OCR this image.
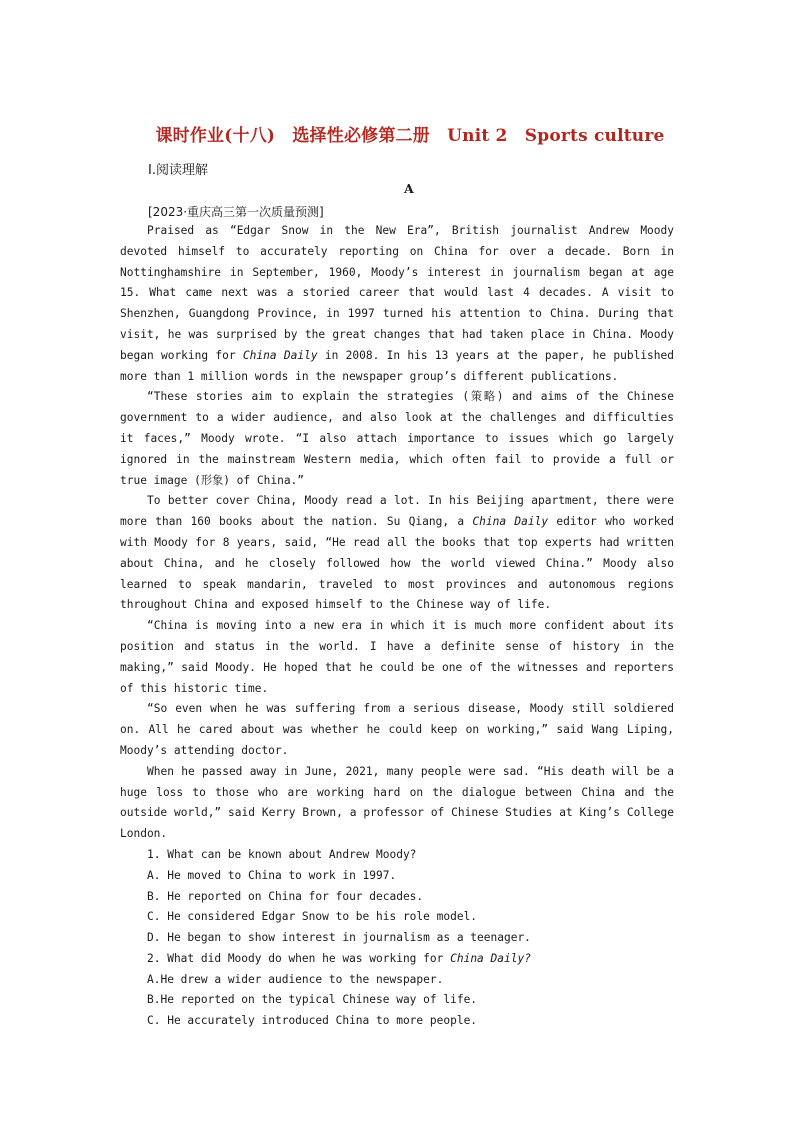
课时作业(十八)　选择性必修第二册　Unit 2　Sports culture
Ⅰ.阅读理解
A
[2023·重庆高三第一次质量预测]

Praised as “Edgar Snow in the New Era”, British journalist Andrew Moody devoted himself to accurately reporting on China for over a decade. Born in Nottinghamshire in September, 1960, Moody’s interest in journalism began at age 15. What came next was a storied career that would last 4 decades. A visit to Shenzhen, Guangdong Province, in 1997 turned his attention to China. During that visit, he was surprised by the great changes that had taken place in China. Moody began working for China Daily in 2008. In his 13 years at the paper, he published more than 1 million words in the newspaper group’s different publications.

“These stories aim to explain the strategies (策略) and aims of the Chinese government to a wider audience, and also look at the challenges and difficulties it faces,” Moody wrote. “I also attach importance to issues which go largely ignored in the mainstream Western media, which often fail to provide a full or true image (形象) of China.”

To better cover China, Moody read a lot. In his Beijing apartment, there were more than 160 books about the nation. Su Qiang, a China Daily editor who worked with Moody for 8 years, said, “He read all the books that top experts had written about China, and he closely followed how the world viewed China.” Moody also learned to speak mandarin, traveled to most provinces and autonomous regions throughout China and exposed himself to the Chinese way of life.

“China is moving into a new era in which it is much more confident about its position and status in the world. I have a definite sense of history in the making,” said Moody. He hoped that he could be one of the witnesses and reporters of this historic time.

“So even when he was suffering from a serious disease, Moody still soldiered on. All he cared about was whether he could keep on working,” said Wang Liping, Moody’s attending doctor.

When he passed away in June, 2021, many people were sad. “His death will be a huge loss to those who are working hard on the dialogue between China and the outside world,” said Kerry Brown, a professor of Chinese Studies at King’s College London.

1. What can be known about Andrew Moody?

A. He moved to China to work in 1997.

B. He reported on China for four decades.

C. He considered Edgar Snow to be his role model.

D. He began to show interest in journalism as a teenager.

2. What did Moody do when he was working for China Daily?

A.He drew a wider audience to the newspaper.

B.He reported on the typical Chinese way of life.

C. He accurately introduced China to more people.
